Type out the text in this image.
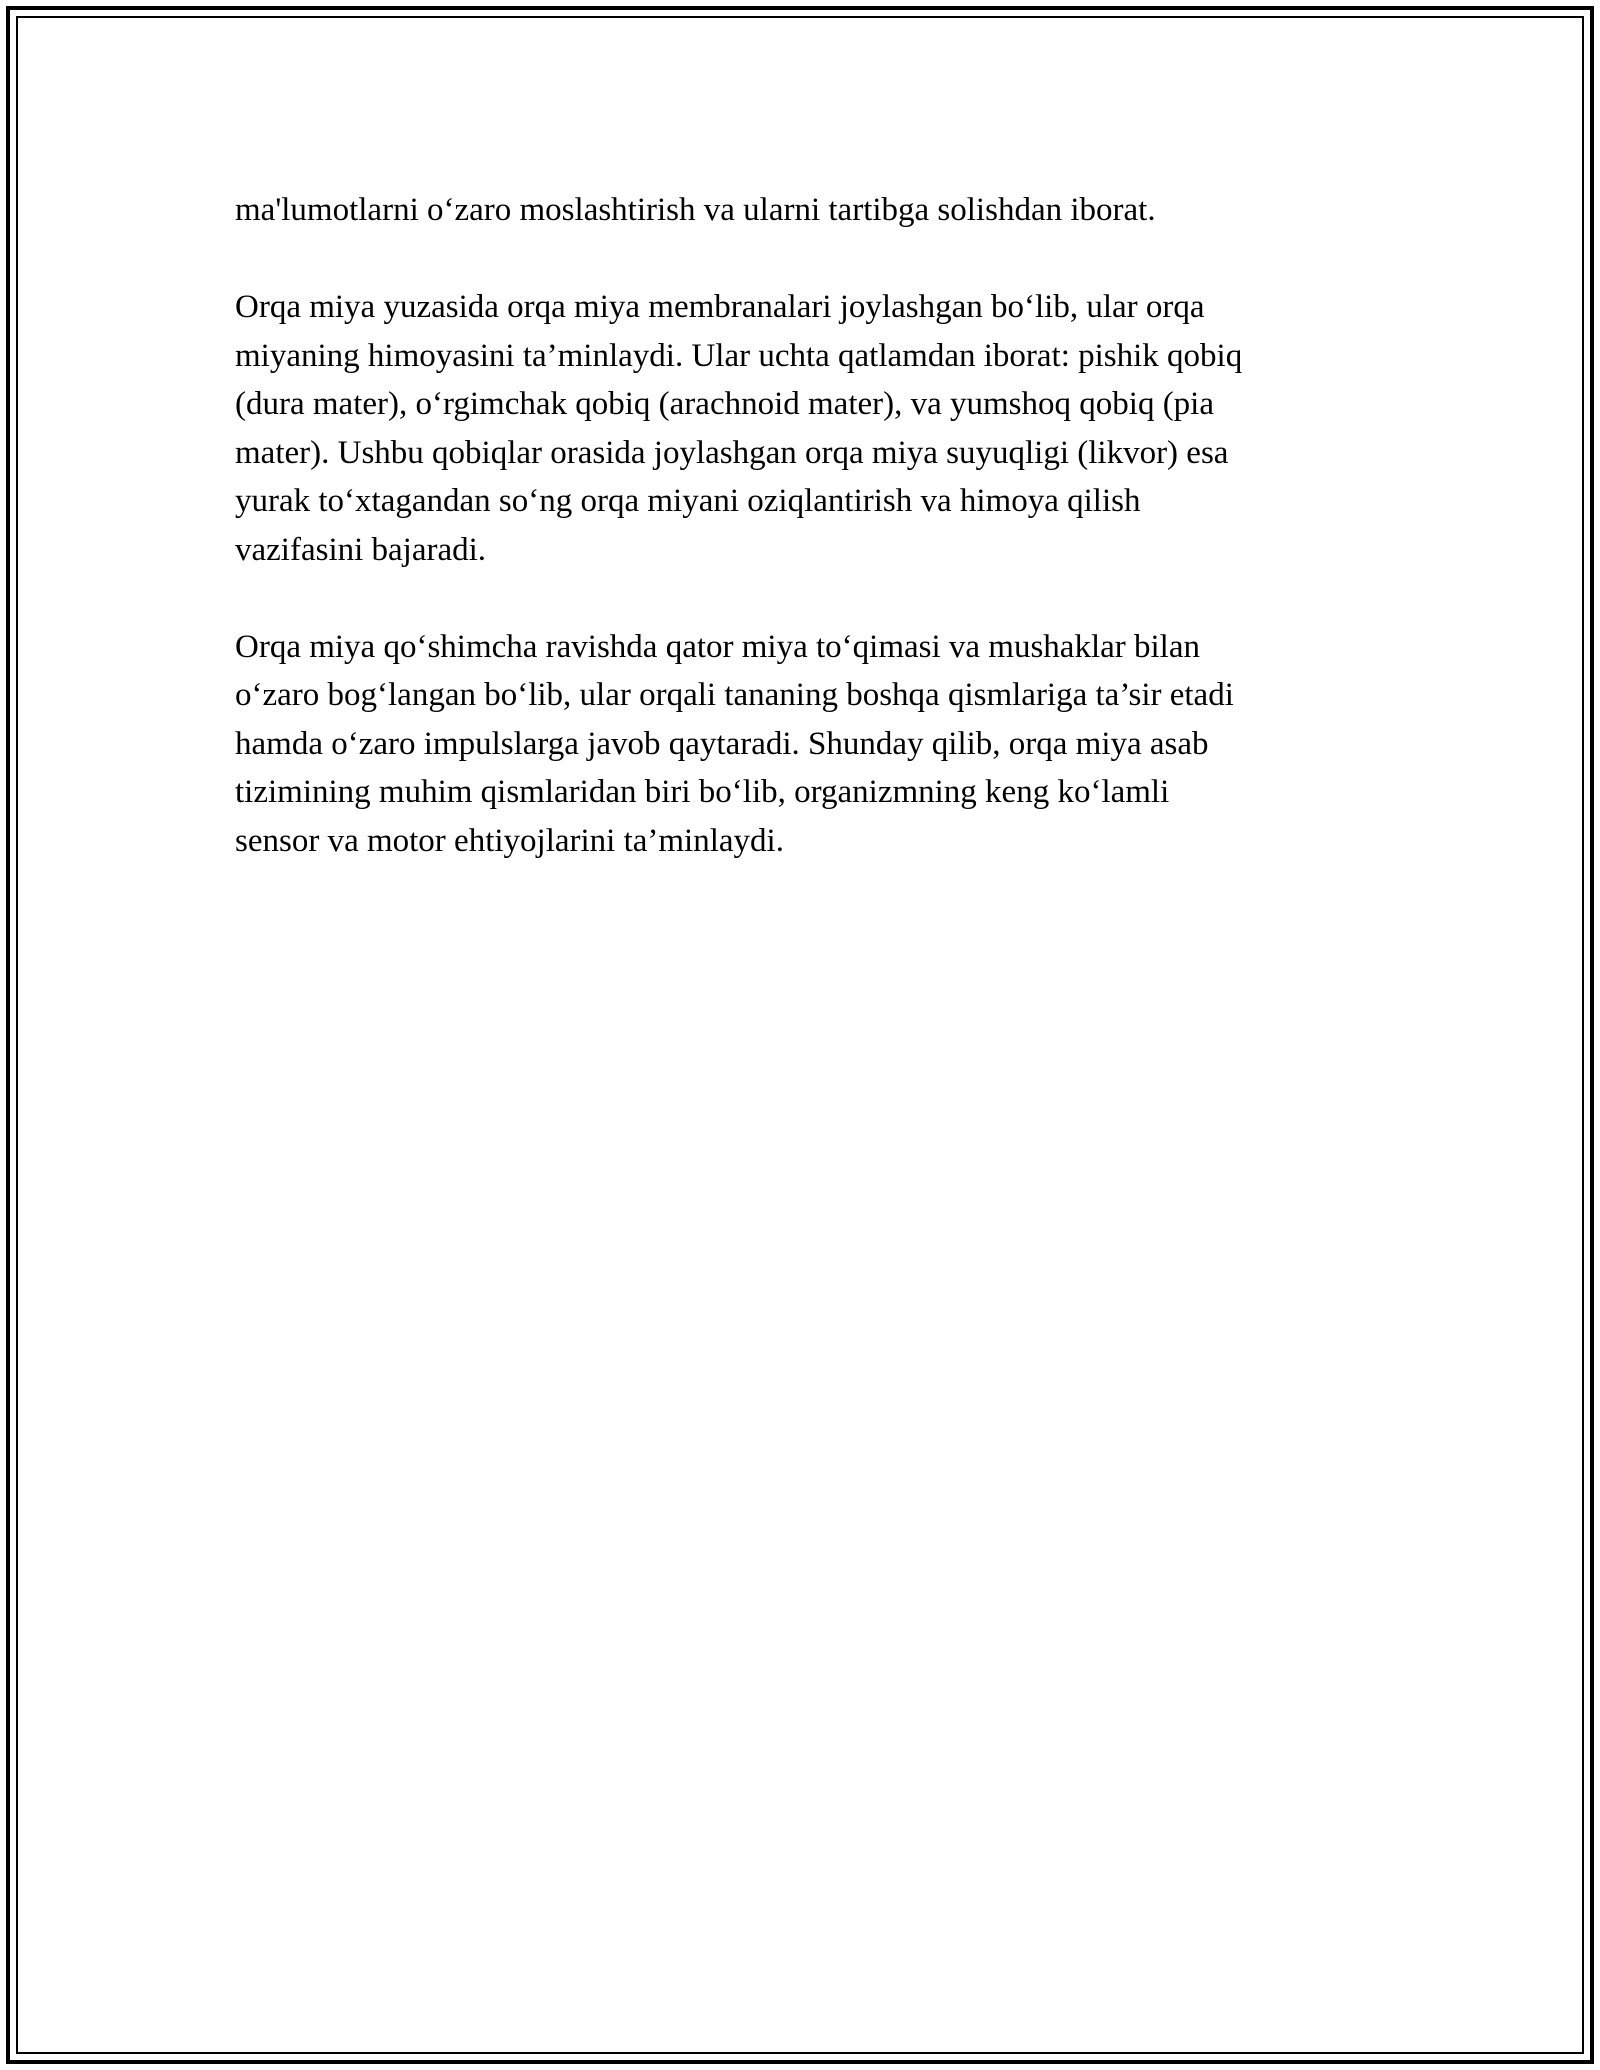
ma'lumotlarni o‘zaro moslashtirish va ularni tartibga solishdan iborat.

Orqa miya yuzasida orqa miya membranalari joylashgan bo‘lib, ular orqa
miyaning himoyasini ta’minlaydi. Ular uchta qatlamdan iborat: pishik qobiq
(dura mater), o‘rgimchak qobiq (arachnoid mater), va yumshoq qobiq (pia
mater). Ushbu qobiqlar orasida joylashgan orqa miya suyuqligi (likvor) esa
yurak to‘xtagandan so‘ng orqa miyani oziqlantirish va himoya qilish
vazifasini bajaradi.

Orqa miya qo‘shimcha ravishda qator miya to‘qimasi va mushaklar bilan
o‘zaro bog‘langan bo‘lib, ular orqali tananing boshqa qismlariga ta’sir etadi
hamda o‘zaro impulslarga javob qaytaradi. Shunday qilib, orqa miya asab
tizimining muhim qismlaridan biri bo‘lib, organizmning keng ko‘lamli
sensor va motor ehtiyojlarini ta’minlaydi.
